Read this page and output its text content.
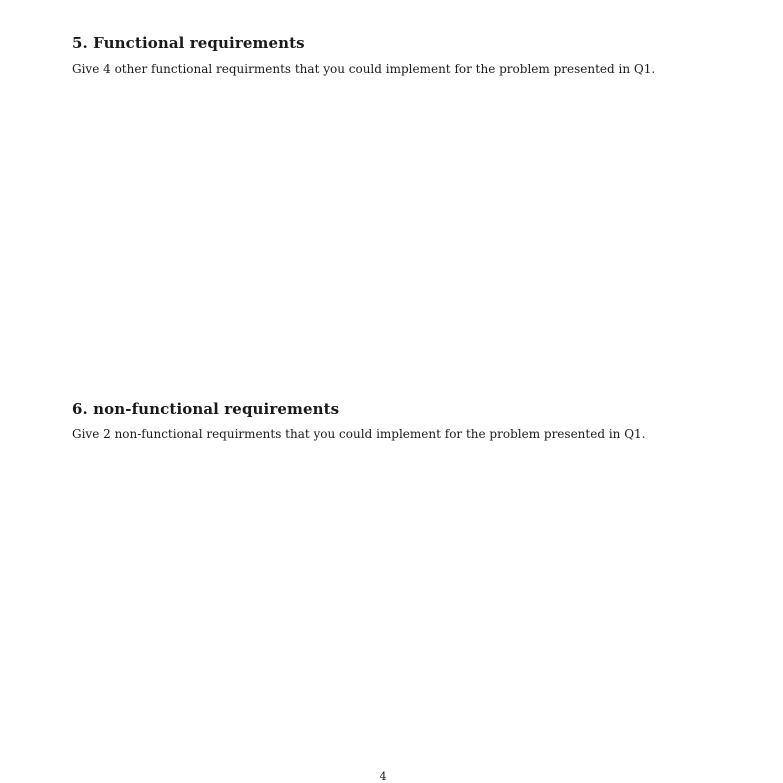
5. Functional requirements

Give 4 other functional requirments that you could implement for the problem presented in Q1.

6. non-functional requirements

Give 2 non-functional requirments that you could implement for the problem presented in Q1.

4
